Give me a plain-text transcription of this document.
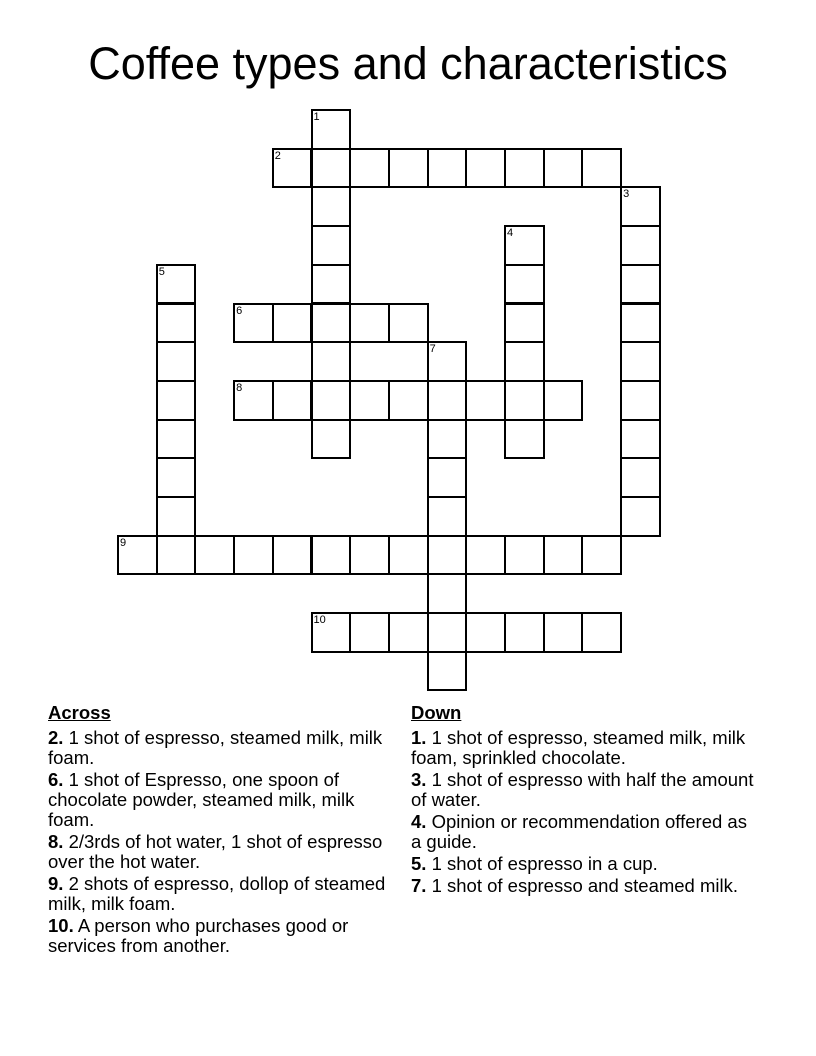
Coffee types and characteristics
1
2
3
4
5
6
7
8
9
10
Across
2. 1 shot of espresso, steamed milk, milk foam.
6. 1 shot of Espresso, one spoon of chocolate powder, steamed milk, milk foam.
8. 2/3rds of hot water, 1 shot of espresso over the hot water.
9. 2 shots of espresso, dollop of steamed milk, milk foam.
10. A person who purchases good or services from another.
Down
1. 1 shot of espresso, steamed milk, milk foam, sprinkled chocolate.
3. 1 shot of espresso with half the amount of water.
4. Opinion or recommendation offered as a guide.
5. 1 shot of espresso in a cup.
7. 1 shot of espresso and steamed milk.
